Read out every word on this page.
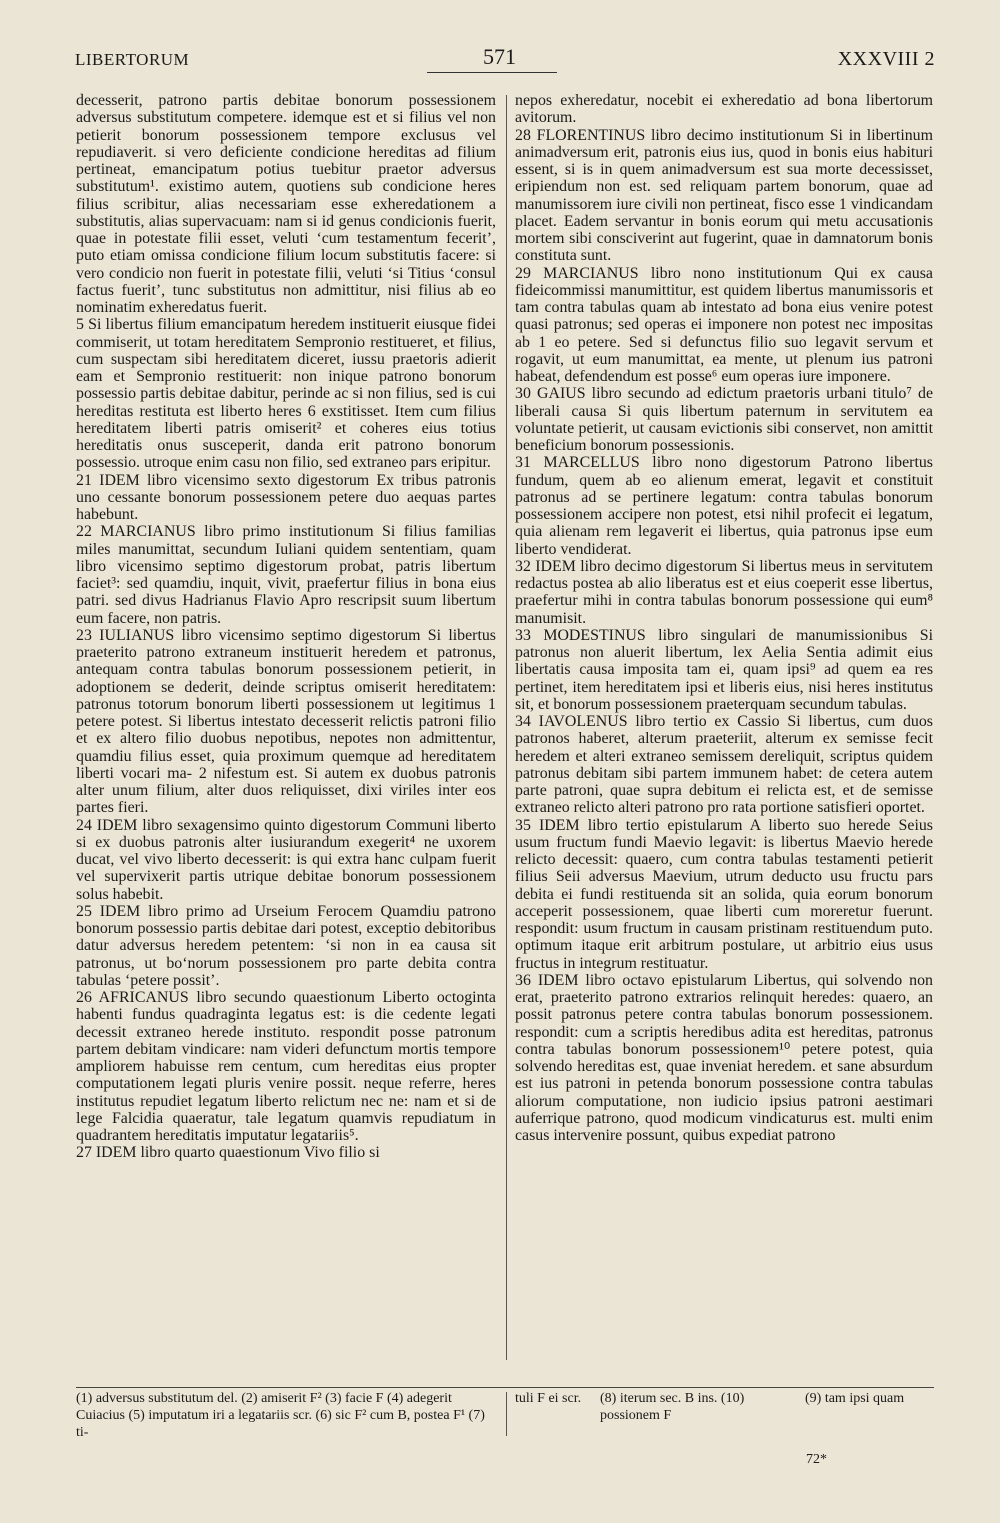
LIBERTORUM	571	XXXVIII 2

decesserit, patrono partis debitae bonorum possessionem adversus substitutum competere. idemque est et si filius vel non petierit bonorum possessionem tempore exclusus vel repudiaverit. si vero deficiente condicione hereditas ad filium pertineat, emancipatum potius tuebitur praetor adversus substitutum¹. existimo autem, quotiens sub condicione heres filius scribitur, alias necessariam esse exheredationem a substitutis, alias supervacuam: nam si id genus condicionis fuerit, quae in potestate filii esset, veluti ‘cum testamentum fecerit’, puto etiam omissa condicione filium locum substitutis facere: si vero condicio non fuerit in potestate filii, veluti ‘si Titius ‘consul factus fuerit’, tunc substitutus non admittitur, nisi filius ab eo nominatim exheredatus fuerit.

5 Si libertus filium emancipatum heredem instituerit eiusque fidei commiserit, ut totam hereditatem Sempronio restitueret, et filius, cum suspectam sibi hereditatem diceret, iussu praetoris adierit eam et Sempronio restituerit: non inique patrono bonorum possessio partis debitae dabitur, perinde ac si non filius, sed is cui hereditas restituta est liberto heres 6 exstitisset. Item cum filius hereditatem liberti patris omiserit² et coheres eius totius hereditatis onus susceperit, danda erit patrono bonorum possessio. utroque enim casu non filio, sed extraneo pars eripitur.

21 IDEM libro vicensimo sexto digestorum Ex tribus patronis uno cessante bonorum possessionem petere duo aequas partes habebunt.

22 MARCIANUS libro primo institutionum Si filius familias miles manumittat, secundum Iuliani quidem sententiam, quam libro vicensimo septimo digestorum probat, patris libertum faciet³: sed quamdiu, inquit, vivit, praefertur filius in bona eius patri. sed divus Hadrianus Flavio Apro rescripsit suum libertum eum facere, non patris.

23 IULIANUS libro vicensimo septimo digestorum Si libertus praeterito patrono extraneum instituerit heredem et patronus, antequam contra tabulas bonorum possessionem petierit, in adoptionem se dederit, deinde scriptus omiserit hereditatem: patronus totorum bonorum liberti possessionem ut legitimus 1 petere potest. Si libertus intestato decesserit relictis patroni filio et ex altero filio duobus nepotibus, nepotes non admittentur, quamdiu filius esset, quia proximum quemque ad hereditatem liberti vocari ma- 2 nifestum est. Si autem ex duobus patronis alter unum filium, alter duos reliquisset, dixi viriles inter eos partes fieri.

24 IDEM libro sexagensimo quinto digestorum Communi liberto si ex duobus patronis alter iusiurandum exegerit⁴ ne uxorem ducat, vel vivo liberto decesserit: is qui extra hanc culpam fuerit vel supervixerit partis utrique debitae bonorum possessionem solus habebit.

25 IDEM libro primo ad Urseium Ferocem Quamdiu patrono bonorum possessio partis debitae dari potest, exceptio debitoribus datur adversus heredem petentem: ‘si non in ea causa sit patronus, ut bo‘norum possessionem pro parte debita contra tabulas ‘petere possit’.

26 AFRICANUS libro secundo quaestionum Liberto octoginta habenti fundus quadraginta legatus est: is die cedente legati decessit extraneo herede instituto. respondit posse patronum partem debitam vindicare: nam videri defunctum mortis tempore ampliorem habuisse rem centum, cum hereditas eius propter computationem legati pluris venire possit. neque referre, heres institutus repudiet legatum liberto relictum nec ne: nam et si de lege Falcidia quaeratur, tale legatum quamvis repudiatum in quadrantem hereditatis imputatur legatariis⁵.

27 IDEM libro quarto quaestionum Vivo filio si

nepos exheredatur, nocebit ei exheredatio ad bona libertorum avitorum.

28 FLORENTINUS libro decimo institutionum Si in libertinum animadversum erit, patronis eius ius, quod in bonis eius habituri essent, si is in quem animadversum est sua morte decessisset, eripiendum non est. sed reliquam partem bonorum, quae ad manumissorem iure civili non pertineat, fisco esse 1 vindicandam placet. Eadem servantur in bonis eorum qui metu accusationis mortem sibi consciverint aut fugerint, quae in damnatorum bonis constituta sunt.

29 MARCIANUS libro nono institutionum Qui ex causa fideicommissi manumittitur, est quidem libertus manumissoris et tam contra tabulas quam ab intestato ad bona eius venire potest quasi patronus; sed operas ei imponere non potest nec impositas ab 1 eo petere. Sed si defunctus filio suo legavit servum et rogavit, ut eum manumittat, ea mente, ut plenum ius patroni habeat, defendendum est posse⁶ eum operas iure imponere.

30 GAIUS libro secundo ad edictum praetoris urbani titulo⁷ de liberali causa Si quis libertum paternum in servitutem ea voluntate petierit, ut causam evictionis sibi conservet, non amittit beneficium bonorum possessionis.

31 MARCELLUS libro nono digestorum Patrono libertus fundum, quem ab eo alienum emerat, legavit et constituit patronus ad se pertinere legatum: contra tabulas bonorum possessionem accipere non potest, etsi nihil profecit ei legatum, quia alienam rem legaverit ei libertus, quia patronus ipse eum liberto vendiderat.

32 IDEM libro decimo digestorum Si libertus meus in servitutem redactus postea ab alio liberatus est et eius coeperit esse libertus, praefertur mihi in contra tabulas bonorum possessione qui eum⁸ manumisit.

33 MODESTINUS libro singulari de manumissionibus Si patronus non aluerit libertum, lex Aelia Sentia adimit eius libertatis causa imposita tam ei, quam ipsi⁹ ad quem ea res pertinet, item hereditatem ipsi et liberis eius, nisi heres institutus sit, et bonorum possessionem praeterquam secundum tabulas.

34 IAVOLENUS libro tertio ex Cassio Si libertus, cum duos patronos haberet, alterum praeteriit, alterum ex semisse fecit heredem et alteri extraneo semissem dereliquit, scriptus quidem patronus debitam sibi partem immunem habet: de cetera autem parte patroni, quae supra debitum ei relicta est, et de semisse extraneo relicto alteri patrono pro rata portione satisfieri oportet.

35 IDEM libro tertio epistularum A liberto suo herede Seius usum fructum fundi Maevio legavit: is libertus Maevio herede relicto decessit: quaero, cum contra tabulas testamenti petierit filius Seii adversus Maevium, utrum deducto usu fructu pars debita ei fundi restituenda sit an solida, quia eorum bonorum acceperit possessionem, quae liberti cum moreretur fuerunt. respondit: usum fructum in causam pristinam restituendum puto. optimum itaque erit arbitrum postulare, ut arbitrio eius usus fructus in integrum restituatur.

36 IDEM libro octavo epistularum Libertus, qui solvendo non erat, praeterito patrono extrarios relinquit heredes: quaero, an possit patronus petere contra tabulas bonorum possessionem. respondit: cum a scriptis heredibus adita est hereditas, patronus contra tabulas bonorum possessionem¹⁰ petere potest, quia solvendo hereditas est, quae inveniat heredem. et sane absurdum est ius patroni in petenda bonorum possessione contra tabulas aliorum computatione, non iudicio ipsius patroni aestimari auferrique patrono, quod modicum vindicaturus est. multi enim casus intervenire possunt, quibus expediat patrono

(1) adversus substitutum del. (2) amiserit F² (3) facie F (4) adegerit Cuiacius (5) imputatum iri a legatariis scr. (6) sic F² cum B, postea F¹ (7) ti-
tuli F ei scr.	(8) iterum sec. B ins. (10) possionem F
(9) tam ipsi quam
72*
